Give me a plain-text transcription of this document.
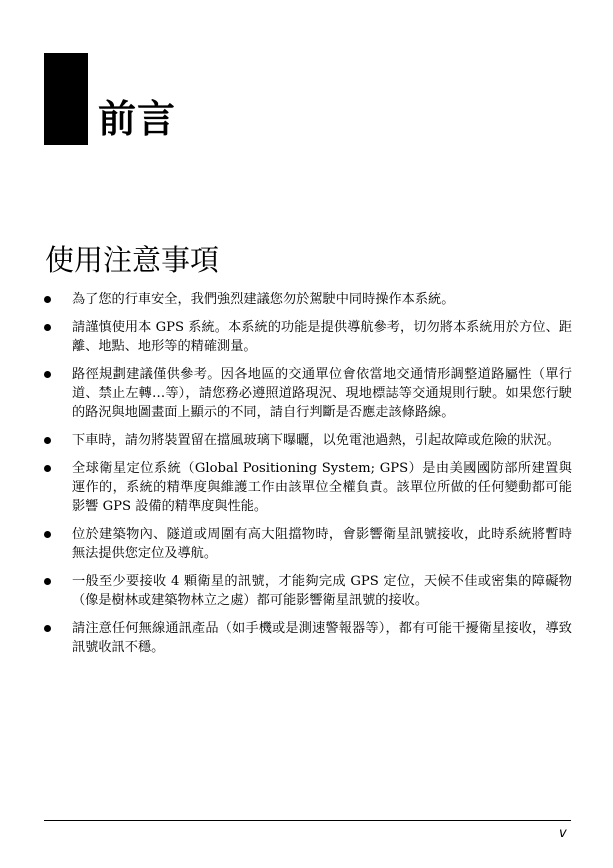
前言
使用注意事項
為了您的行車安全，我們強烈建議您勿於駕駛中同時操作本系統。
請謹慎使用本 GPS 系統。本系統的功能是提供導航參考，切勿將本系統用於方位、距離、地點、地形等的精確測量。
路徑規劃建議僅供參考。因各地區的交通單位會依當地交通情形調整道路屬性（單行道、禁止左轉…等），請您務必遵照道路現況、現地標誌等交通規則行駛。如果您行駛的路況與地圖畫面上顯示的不同，請自行判斷是否應走該條路線。
下車時，請勿將裝置留在擋風玻璃下曝曬，以免電池過熱，引起故障或危險的狀況。
全球衛星定位系統（Global Positioning System; GPS）是由美國國防部所建置與運作的，系統的精準度與維護工作由該單位全權負責。該單位所做的任何變動都可能影響 GPS 設備的精準度與性能。
位於建築物內、隧道或周圍有高大阻擋物時，會影響衛星訊號接收，此時系統將暫時無法提供您定位及導航。
一般至少要接收 4 顆衛星的訊號，才能夠完成 GPS 定位，天候不佳或密集的障礙物（像是樹林或建築物林立之處）都可能影響衛星訊號的接收。
請注意任何無線通訊產品（如手機或是測速警報器等），都有可能干擾衛星接收，導致訊號收訊不穩。
v
